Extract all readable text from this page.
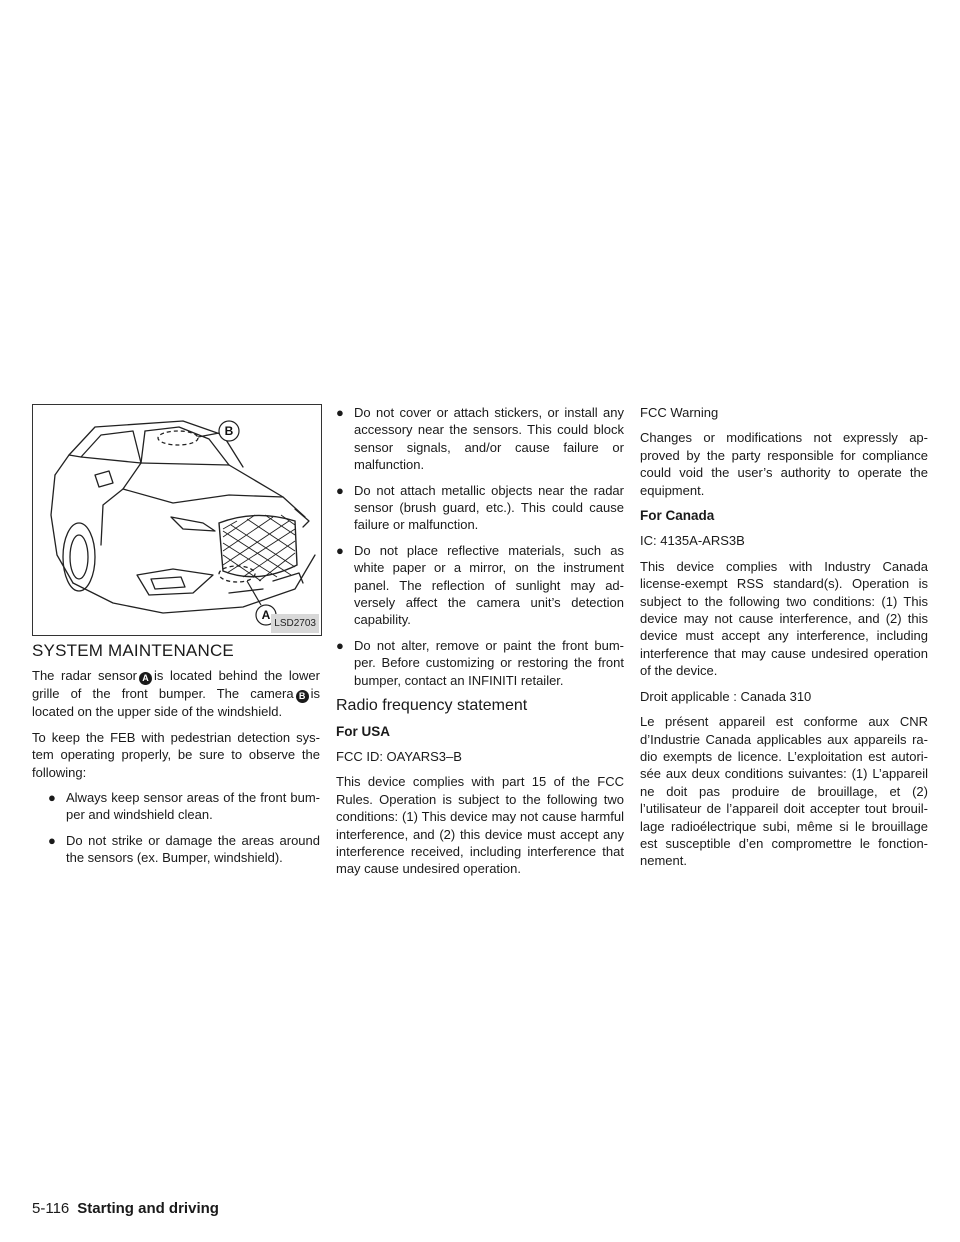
B
A
LSD2703
SYSTEM MAINTENANCE

The radar sensor A is located behind the lower grille of the front bumper. The camera B is located on the upper side of the windshield.

To keep the FEB with pedestrian detection sys-tem operating properly, be sure to observe the following:

● Always keep sensor areas of the front bum-per and windshield clean.
● Do not strike or damage the areas around the sensors (ex. Bumper, windshield).
● Do not cover or attach stickers, or install any accessory near the sensors. This could block sensor signals, and/or cause failure or malfunction.
● Do not attach metallic objects near the radar sensor (brush guard, etc.). This could cause failure or malfunction.
● Do not place reflective materials, such as white paper or a mirror, on the instrument panel. The reflection of sunlight may ad-versely affect the camera unit’s detection capability.
● Do not alter, remove or paint the front bum-per. Before customizing or restoring the front bumper, contact an INFINITI retailer.
Radio frequency statement
For USA

FCC ID: OAYARS3–B

This device complies with part 15 of the FCC Rules. Operation is subject to the following two conditions: (1) This device may not cause harmful interference, and (2) this device must accept any interference received, including interference that may cause undesired operation.

FCC Warning

Changes or modifications not expressly ap-proved by the party responsible for compliance could void the user’s authority to operate the equipment.

For Canada

IC: 4135A-ARS3B

This device complies with Industry Canada license-exempt RSS standard(s). Operation is subject to the following two conditions: (1) This device may not cause interference, and (2) this device must accept any interference, including interference that may cause undesired operation of the device.

Droit applicable : Canada 310

Le présent appareil est conforme aux CNR d’Industrie Canada applicables aux appareils ra-dio exempts de licence. L’exploitation est autori-sée aux deux conditions suivantes: (1) L’appareil ne doit pas produire de brouillage, et (2) l’utilisateur de l’appareil doit accepter tout brouil-lage radioélectrique subi, même si le brouillage est susceptible d’en compromettre le fonction-nement.

5-116 Starting and driving
